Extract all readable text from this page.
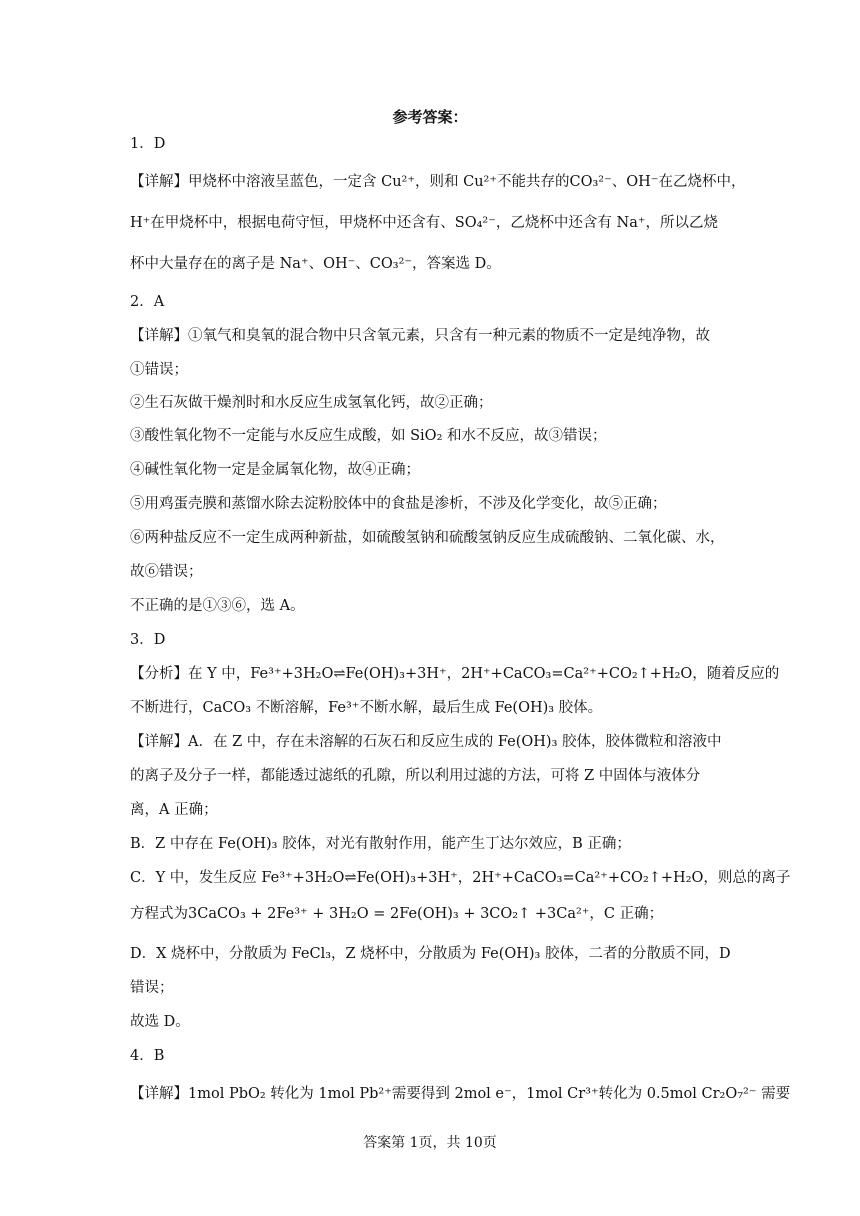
参考答案：
1．D
【详解】甲烧杯中溶液呈蓝色，一定含 Cu²⁺，则和 Cu²⁺不能共存的CO₃²⁻、OH⁻在乙烧杯中，
H⁺在甲烧杯中，根据电荷守恒，甲烧杯中还含有、SO₄²⁻，乙烧杯中还含有 Na⁺，所以乙烧
杯中大量存在的离子是 Na⁺、OH⁻、CO₃²⁻，答案选 D。
2．A
【详解】①氧气和臭氧的混合物中只含氧元素，只含有一种元素的物质不一定是纯净物，故
①错误；
②生石灰做干燥剂时和水反应生成氢氧化钙，故②正确；
③酸性氧化物不一定能与水反应生成酸，如 SiO₂ 和水不反应，故③错误；
④碱性氧化物一定是金属氧化物，故④正确；
⑤用鸡蛋壳膜和蒸馏水除去淀粉胶体中的食盐是渗析，不涉及化学变化，故⑤正确；
⑥两种盐反应不一定生成两种新盐，如硫酸氢钠和硫酸氢钠反应生成硫酸钠、二氧化碳、水，
故⑥错误；
不正确的是①③⑥，选 A。
3．D
【分析】在 Y 中，Fe³⁺+3H₂O⇌Fe(OH)₃+3H⁺，2H⁺+CaCO₃=Ca²⁺+CO₂↑+H₂O，随着反应的
不断进行，CaCO₃ 不断溶解，Fe³⁺不断水解，最后生成 Fe(OH)₃ 胶体。
【详解】A．在 Z 中，存在未溶解的石灰石和反应生成的 Fe(OH)₃ 胶体，胶体微粒和溶液中
的离子及分子一样，都能透过滤纸的孔隙，所以利用过滤的方法，可将 Z 中固体与液体分
离，A 正确；
B．Z 中存在 Fe(OH)₃ 胶体，对光有散射作用，能产生丁达尔效应，B 正确；
C．Y 中，发生反应 Fe³⁺+3H₂O⇌Fe(OH)₃+3H⁺，2H⁺+CaCO₃=Ca²⁺+CO₂↑+H₂O，则总的离子
方程式为3CaCO₃ + 2Fe³⁺ + 3H₂O = 2Fe(OH)₃ + 3CO₂↑ +3Ca²⁺，C 正确；
D．X 烧杯中，分散质为 FeCl₃，Z 烧杯中，分散质为 Fe(OH)₃ 胶体，二者的分散质不同，D
错误；
故选 D。
4．B
【详解】1mol PbO₂ 转化为 1mol Pb²⁺需要得到 2mol e⁻，1mol Cr³⁺转化为 0.5mol Cr₂O₇²⁻ 需要
答案第 1页，共 10页
